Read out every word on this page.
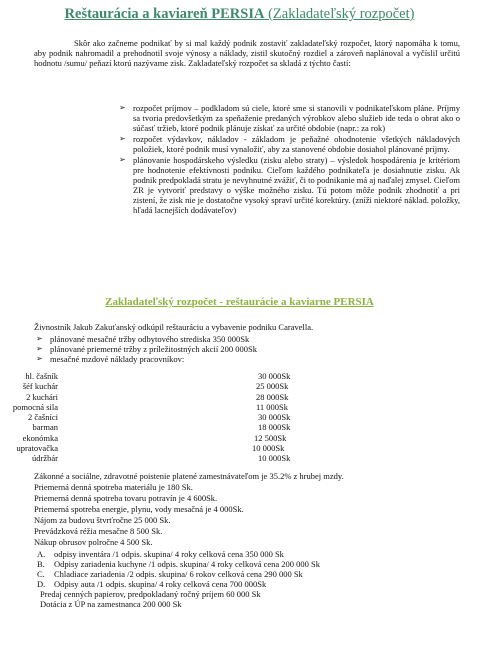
Reštaurácia a kaviareň PERSIA (Zakladateľský rozpočet)

Skôr ako začneme podnikať by si mal každý podnik zostaviť zakladateľský rozpočet, ktorý napomáha k tomu, aby podnik nahromadil a prehodnotil svoje výnosy a náklady, zistil skutočný rozdiel a zároveň naplánoval a vyčíslil určitú hodnotu /sumu/ peňazí ktorú nazývame zisk. Zakladateľský rozpočet sa skladá z týchto častí:

➢ rozpočet príjmov – podkladom sú ciele, ktoré sme si stanovili v podnikateľskom pláne. Príjmy sa tvoria predovšetkým za speňaženie predaných výrobkov alebo služieb ide teda o obrat ako o súčasť tržieb, ktoré podnik plánuje získať za určité obdobie (napr.: za rok)
➢ rozpočet výdavkov, nákladov - základom je peňažné ohodnotenie všetkých nákladových položiek, ktoré podnik musí vynaložiť, aby za stanovené obdobie dosiahol plánované príjmy.
➢ plánovanie hospodárskeho výsledku (zisku alebo straty) – výsledok hospodárenia je kritériom pre hodnotenie efektívnosti podniku. Cieľom každého podnikateľa je dosiahnutie zisku. Ak podnik predpokladá stratu je nevyhnutné zvážiť, či to podnikanie má aj naďalej zmysel. Cieľom ZR je vytvoriť predstavy o výške možného zisku. Tú potom môže podnik zhodnotiť a pri zistení, že zisk nie je dostatočne vysoký spraví určité korektúry. (zníži niektoré náklad. položky, hľadá lacnejších dodávateľov)
Zakladateľský rozpočet - reštaurácie a kaviarne PERSIA

Živnostník Jakub Zakuťanský odkúpil reštauráciu a vybavenie podniku Caravella.

➢ plánované mesačné tržby odbytového strediska 350 000Sk
➢ plánované priemerné tržby z príležitostných akcií 200 000Sk
➢ mesačné mzdové náklady pracovníkov:
hl. čašník	30 000Sk
šéf kuchár	25 000Sk
2 kuchári	28 000Sk
pomocná sila	11 000Sk
2 čašníci	30 000Sk
barman	18 000Sk
ekonómka	12 500Sk
upratovačka	10 000Sk
údržbár	10 000Sk

Zákonné a sociálne, zdravotné poistenie platené zamestnávateľom je 35.2% z hrubej mzdy.

Priemerná denná spotreba materiálu je 180 Sk.

Priemerná denná spotreba tovaru potravín je 4 600Sk.

Priemerná spotreba energie, plynu, vody mesačná je 4 000Sk.

Nájom za budovu štvrťročne 25 000 Sk.

Prevádzková réžia mesačne 8 500 Sk.

Nákup obrusov polročne 4 500 Sk.

A. odpisy inventára /1 odpis. skupina/ 4 roky celková cena 350 000 Sk
B. Odpisy zariadenia kuchyne /1 odpis. skupina/ 4 roky celková cena 200 000 Sk
C. Chladiace zariadenia /2 odpis. skupina/ 6 rokov celková cena 290 000 Sk
D. Odpisy auta /1 odpis. skupina/ 4 roky celková cena 700 000Sk
Predaj cenných papierov, predpokladaný ročný príjem 60 000 Sk
Dotácia z ÚP na zamestnanca 200 000 Sk
